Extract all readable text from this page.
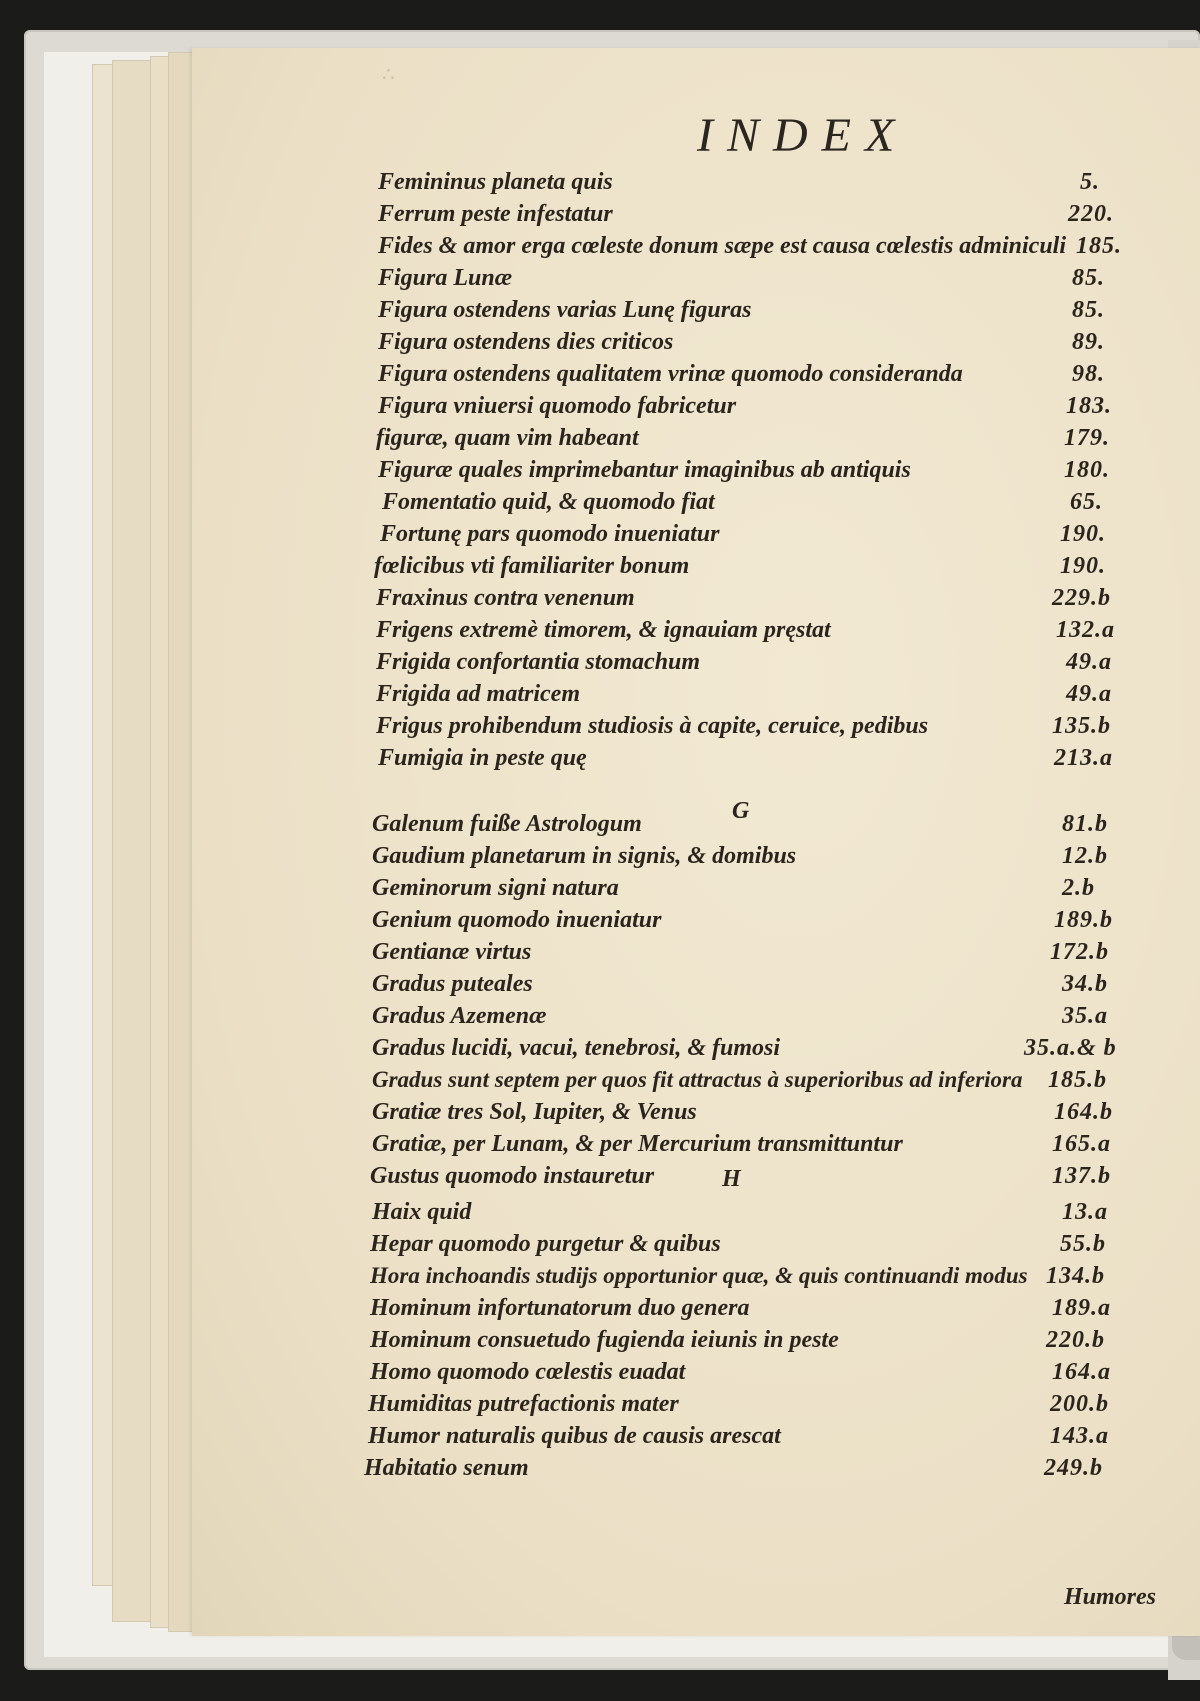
∴
INDEX
Femininus planeta quis	5.
Ferrum peste infestatur	220.
Fides & amor erga cœleste donum sæpe est causa cœlestis adminiculi 185.
Figura Lunæ	85.
Figura ostendens varias Lunę figuras	85.
Figura ostendens dies criticos	89.
Figura ostendens qualitatem vrinæ quomodo consideranda	98.
Figura vniuersi quomodo fabricetur	183.
figuræ, quam vim habeant	179.
Figuræ quales imprimebantur imaginibus ab antiquis	180.
Fomentatio quid, & quomodo fiat	65.
Fortunę pars quomodo inueniatur	190.
fœlicibus vti familiariter bonum	190.
Fraxinus contra venenum	229.b
Frigens extremè timorem, & ignauiam pręstat	132.a
Frigida confortantia stomachum	49.a
Frigida ad matricem	49.a
Frigus prohibendum studiosis à capite, ceruice, pedibus	135.b
Fumigia in peste quę	213.a
Galenum fuiße Astrologum	81.b
Gaudium planetarum in signis, & domibus	12.b
Geminorum signi natura	2.b
Genium quomodo inueniatur	189.b
Gentianæ virtus	172.b
Gradus puteales	34.b
Gradus Azemenæ	35.a
Gradus lucidi, vacui, tenebrosi, & fumosi	35.a.& b
Gradus sunt septem per quos fit attractus à superioribus ad inferiora 185.b
Gratiæ tres Sol, Iupiter, & Venus	164.b
Gratiæ, per Lunam, & per Mercurium transmittuntur	165.a
Gustus quomodo instauretur	137.b
Haix quid	13.a
Hepar quomodo purgetur & quibus	55.b
Hora inchoandis studijs opportunior quæ, & quis continuandi modus 134.b
Hominum infortunatorum duo genera	189.a
Hominum consuetudo fugienda ieiunis in peste	220.b
Homo quomodo cœlestis euadat	164.a
Humiditas putrefactionis mater	200.b
Humor naturalis quibus de causis arescat	143.a
Habitatio senum	249.b
G
H
Humores
